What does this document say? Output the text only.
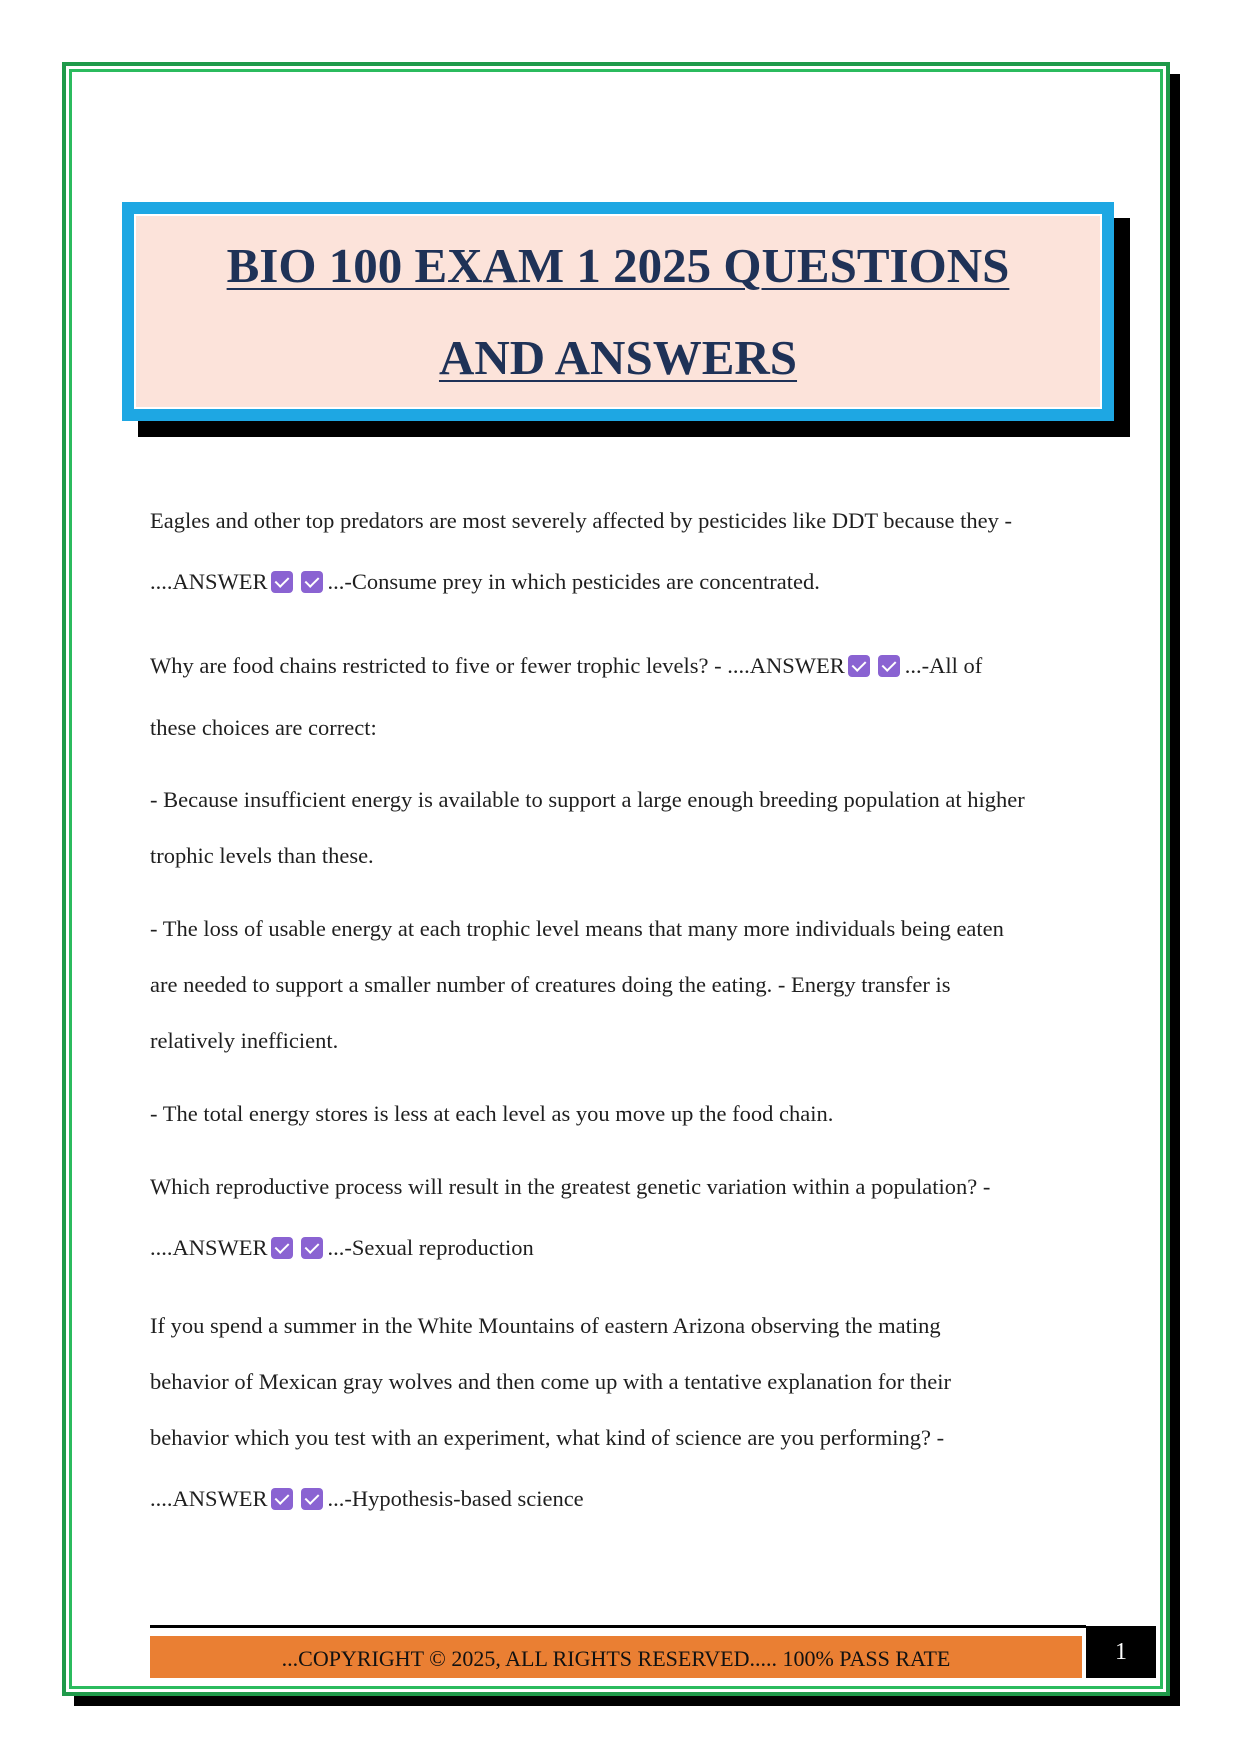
BIO 100 EXAM 1 2025 QUESTIONS
AND ANSWERS
Eagles and other top predators are most severely affected by pesticides like DDT because they -
....ANSWER	...-Consume prey in which pesticides are concentrated.
Why are food chains restricted to five or fewer trophic levels? - ....ANSWER	...-All of
these choices are correct:
- Because insufficient energy is available to support a large enough breeding population at higher
trophic levels than these.
- The loss of usable energy at each trophic level means that many more individuals being eaten
are needed to support a smaller number of creatures doing the eating. - Energy transfer is
relatively inefficient.
- The total energy stores is less at each level as you move up the food chain.
Which reproductive process will result in the greatest genetic variation within a population? -
....ANSWER	...-Sexual reproduction
If you spend a summer in the White Mountains of eastern Arizona observing the mating
behavior of Mexican gray wolves and then come up with a tentative explanation for their
behavior which you test with an experiment, what kind of science are you performing? -
....ANSWER	...-Hypothesis-based science
...COPYRIGHT © 2025, ALL RIGHTS RESERVED..... 100% PASS RATE	1
